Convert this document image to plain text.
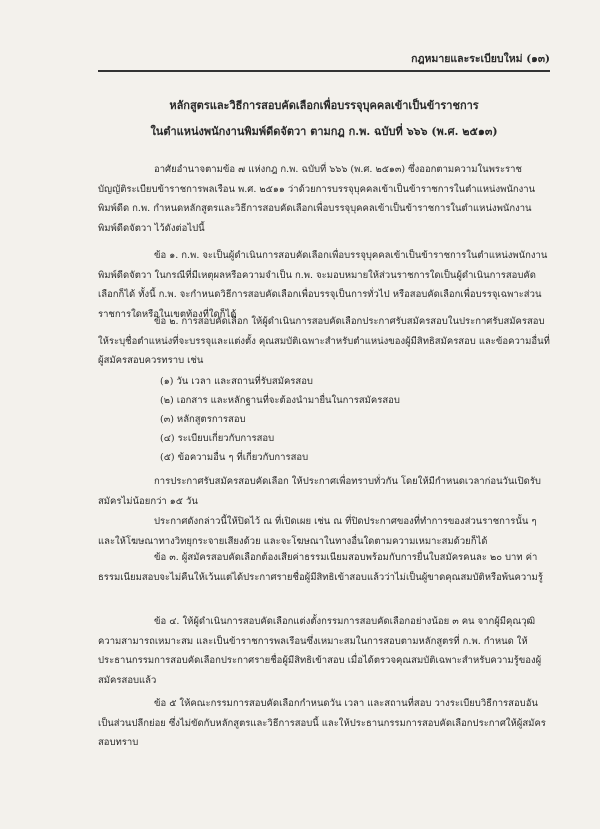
กฎหมายและระเบียบใหม่ (๑๓)
หลักสูตรและวิธีการสอบคัดเลือกเพื่อบรรจุบุคคลเข้าเป็นข้าราชการ
ในตำแหน่งพนักงานพิมพ์ดีดจัตวา ตามกฎ ก.พ. ฉบับที่ ๖๖๖ (พ.ศ. ๒๕๑๓)

อาศัยอำนาจตามข้อ ๗ แห่งกฎ ก.พ. ฉบับที่ ๖๖๖ (พ.ศ. ๒๕๑๓) ซึ่งออกตามความในพระราชบัญญัติระเบียบข้าราชการพลเรือน พ.ศ. ๒๕๑๑ ว่าด้วยการบรรจุบุคคลเข้าเป็นข้าราชการในตำแหน่งพนักงานพิมพ์ดีด ก.พ. กำหนดหลักสูตรและวิธีการสอบคัดเลือกเพื่อบรรจุบุคคลเข้าเป็นข้าราชการในตำแหน่งพนักงานพิมพ์ดีดจัตวา ไว้ดังต่อไปนี้

ข้อ ๑. ก.พ. จะเป็นผู้ดำเนินการสอบคัดเลือกเพื่อบรรจุบุคคลเข้าเป็นข้าราชการในตำแหน่งพนักงานพิมพ์ดีดจัตวา ในกรณีที่มีเหตุผลหรือความจำเป็น ก.พ. จะมอบหมายให้ส่วนราชการใดเป็นผู้ดำเนินการสอบคัดเลือกก็ได้ ทั้งนี้ ก.พ. จะกำหนดวิธีการสอบคัดเลือกเพื่อบรรจุเป็นการทั่วไป หรือสอบคัดเลือกเพื่อบรรจุเฉพาะส่วนราชการใดหรือในเขตท้องที่ใดก็ได้

ข้อ ๒. การสอบคัดเลือก ให้ผู้ดำเนินการสอบคัดเลือกประกาศรับสมัครสอบในประกาศรับสมัครสอบให้ระบุชื่อตำแหน่งที่จะบรรจุและแต่งตั้ง คุณสมบัติเฉพาะสำหรับตำแหน่งของผู้มีสิทธิสมัครสอบ และข้อความอื่นที่ผู้สมัครสอบควรทราบ เช่น

(๑) วัน เวลา และสถานที่รับสมัครสอบ
(๒) เอกสาร และหลักฐานที่จะต้องนำมายื่นในการสมัครสอบ
(๓) หลักสูตรการสอบ
(๔) ระเบียบเกี่ยวกับการสอบ
(๕) ข้อความอื่น ๆ ที่เกี่ยวกับการสอบ

การประกาศรับสมัครสอบคัดเลือก ให้ประกาศเพื่อทราบทั่วกัน โดยให้มีกำหนดเวลาก่อนวันเปิดรับสมัครไม่น้อยกว่า ๑๕ วัน

ประกาศดังกล่าวนี้ให้ปิดไว้ ณ ที่เปิดเผย เช่น ณ ที่ปิดประกาศของที่ทำการของส่วนราชการนั้น ๆ และให้โฆษณาทางวิทยุกระจายเสียงด้วย และจะโฆษณาในทางอื่นใดตามความเหมาะสมด้วยก็ได้

ข้อ ๓. ผู้สมัครสอบคัดเลือกต้องเสียค่าธรรมเนียมสอบพร้อมกับการยื่นใบสมัครคนละ ๒๐ บาท ค่าธรรมเนียมสอบจะไม่คืนให้เว้นแต่ได้ประกาศรายชื่อผู้มีสิทธิเข้าสอบแล้วว่าไม่เป็นผู้ขาดคุณสมบัติหรือพ้นความรู้

ข้อ ๔. ให้ผู้ดำเนินการสอบคัดเลือกแต่งตั้งกรรมการสอบคัดเลือกอย่างน้อย ๓ คน จากผู้มีคุณวุฒิความสามารถเหมาะสม และเป็นข้าราชการพลเรือนซึ่งเหมาะสมในการสอบตามหลักสูตรที่ ก.พ. กำหนด ให้ประธานกรรมการสอบคัดเลือกประกาศรายชื่อผู้มีสิทธิเข้าสอบ เมื่อได้ตรวจคุณสมบัติเฉพาะสำหรับความรู้ของผู้สมัครสอบแล้ว

ข้อ ๕ ให้คณะกรรมการสอบคัดเลือกกำหนดวัน เวลา และสถานที่สอบ วางระเบียบวิธีการสอบอันเป็นส่วนปลีกย่อย ซึ่งไม่ขัดกับหลักสูตรและวิธีการสอบนี้ และให้ประธานกรรมการสอบคัดเลือกประกาศให้ผู้สมัครสอบทราบ
